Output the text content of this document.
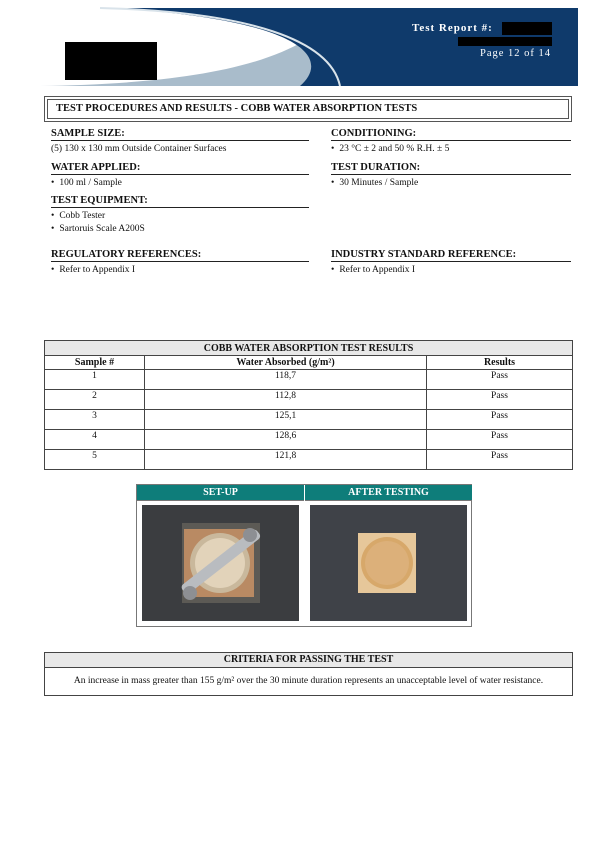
Test Report #:
Page 12 of 14
TEST PROCEDURES AND RESULTS - COBB WATER ABSORPTION TESTS
SAMPLE SIZE:
(5) 130 x 130 mm Outside Container Surfaces
CONDITIONING:
• 23 °C ± 2 and 50 % R.H. ± 5
WATER APPLIED:
• 100 ml / Sample
TEST DURATION:
• 30 Minutes / Sample
TEST EQUIPMENT:
• Cobb Tester
• Sartoruis Scale A200S
REGULATORY REFERENCES:
• Refer to Appendix I
INDUSTRY STANDARD REFERENCE:
• Refer to Appendix I
COBB WATER ABSORPTION TEST RESULTS		
Sample #	Water Absorbed (g/m²)	Results
1	118,7	Pass
2	112,8	Pass
3	125,1	Pass
4	128,6	Pass
5	121,8	Pass
SET-UP	AFTER TESTING
CRITERIA FOR PASSING THE TEST
An increase in mass greater than 155 g/m² over the 30 minute duration represents an unacceptable level of water resistance.
